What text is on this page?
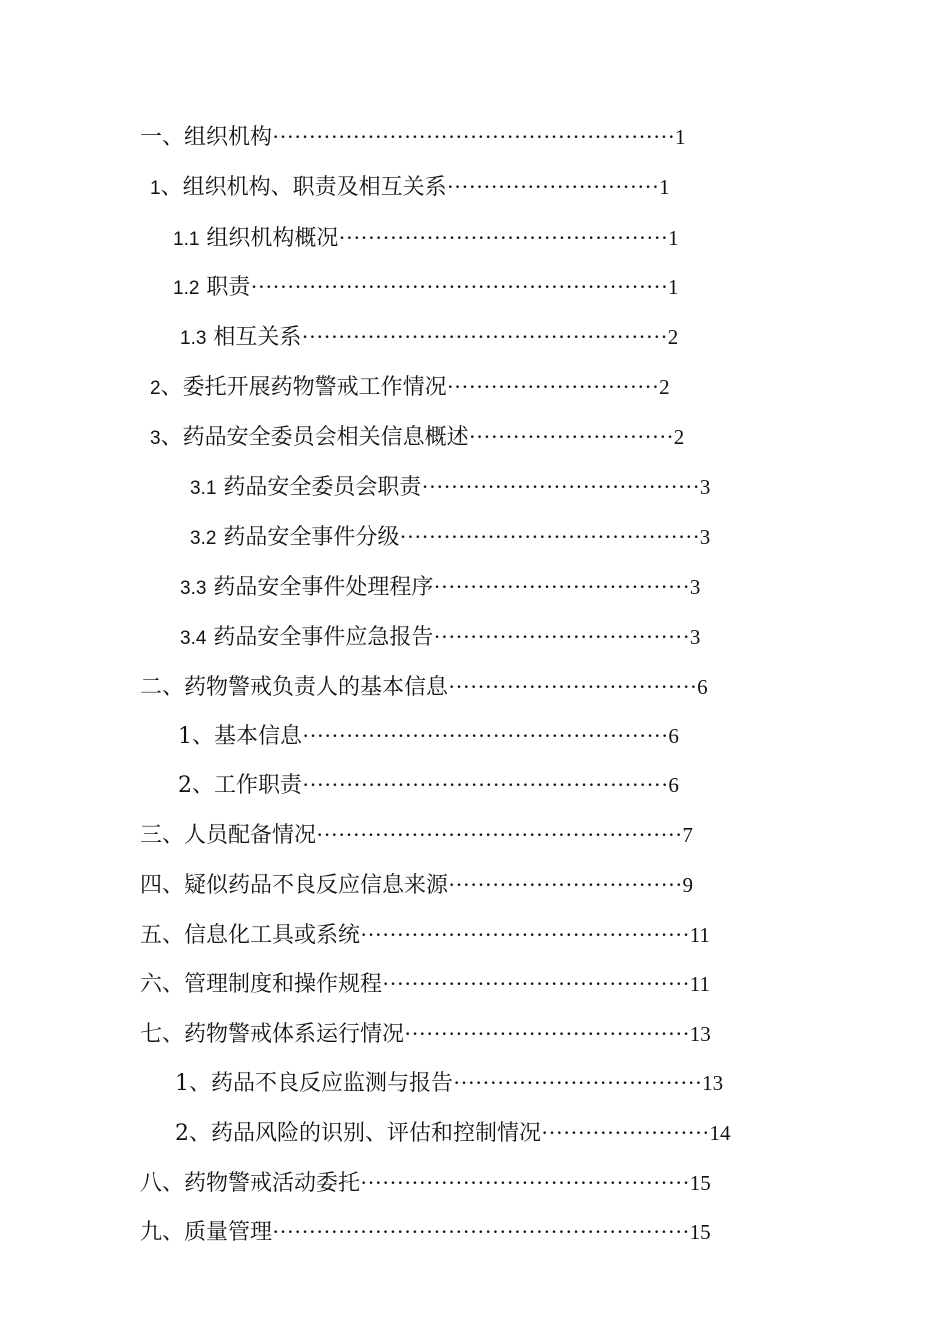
一、组织机构·······················································1
1、组织机构、职责及相互关系·····························1
1.1 组织机构概况·············································1
1.2 职责·························································1
1.3 相互关系··················································2
2、委托开展药物警戒工作情况·····························2
3、药品安全委员会相关信息概述····························2
3.1 药品安全委员会职责······································3
3.2 药品安全事件分级·········································3
3.3 药品安全事件处理程序···································3
3.4 药品安全事件应急报告···································3
二、药物警戒负责人的基本信息··································6
1、基本信息··················································6
2、工作职责··················································6
三、人员配备情况··················································7
四、疑似药品不良反应信息来源································9
五、信息化工具或系统·············································11
六、管理制度和操作规程··········································11
七、药物警戒体系运行情况·······································13
1、药品不良反应监测与报告··································13
2、药品风险的识别、评估和控制情况·······················14
八、药物警戒活动委托·············································15
九、质量管理·························································15
